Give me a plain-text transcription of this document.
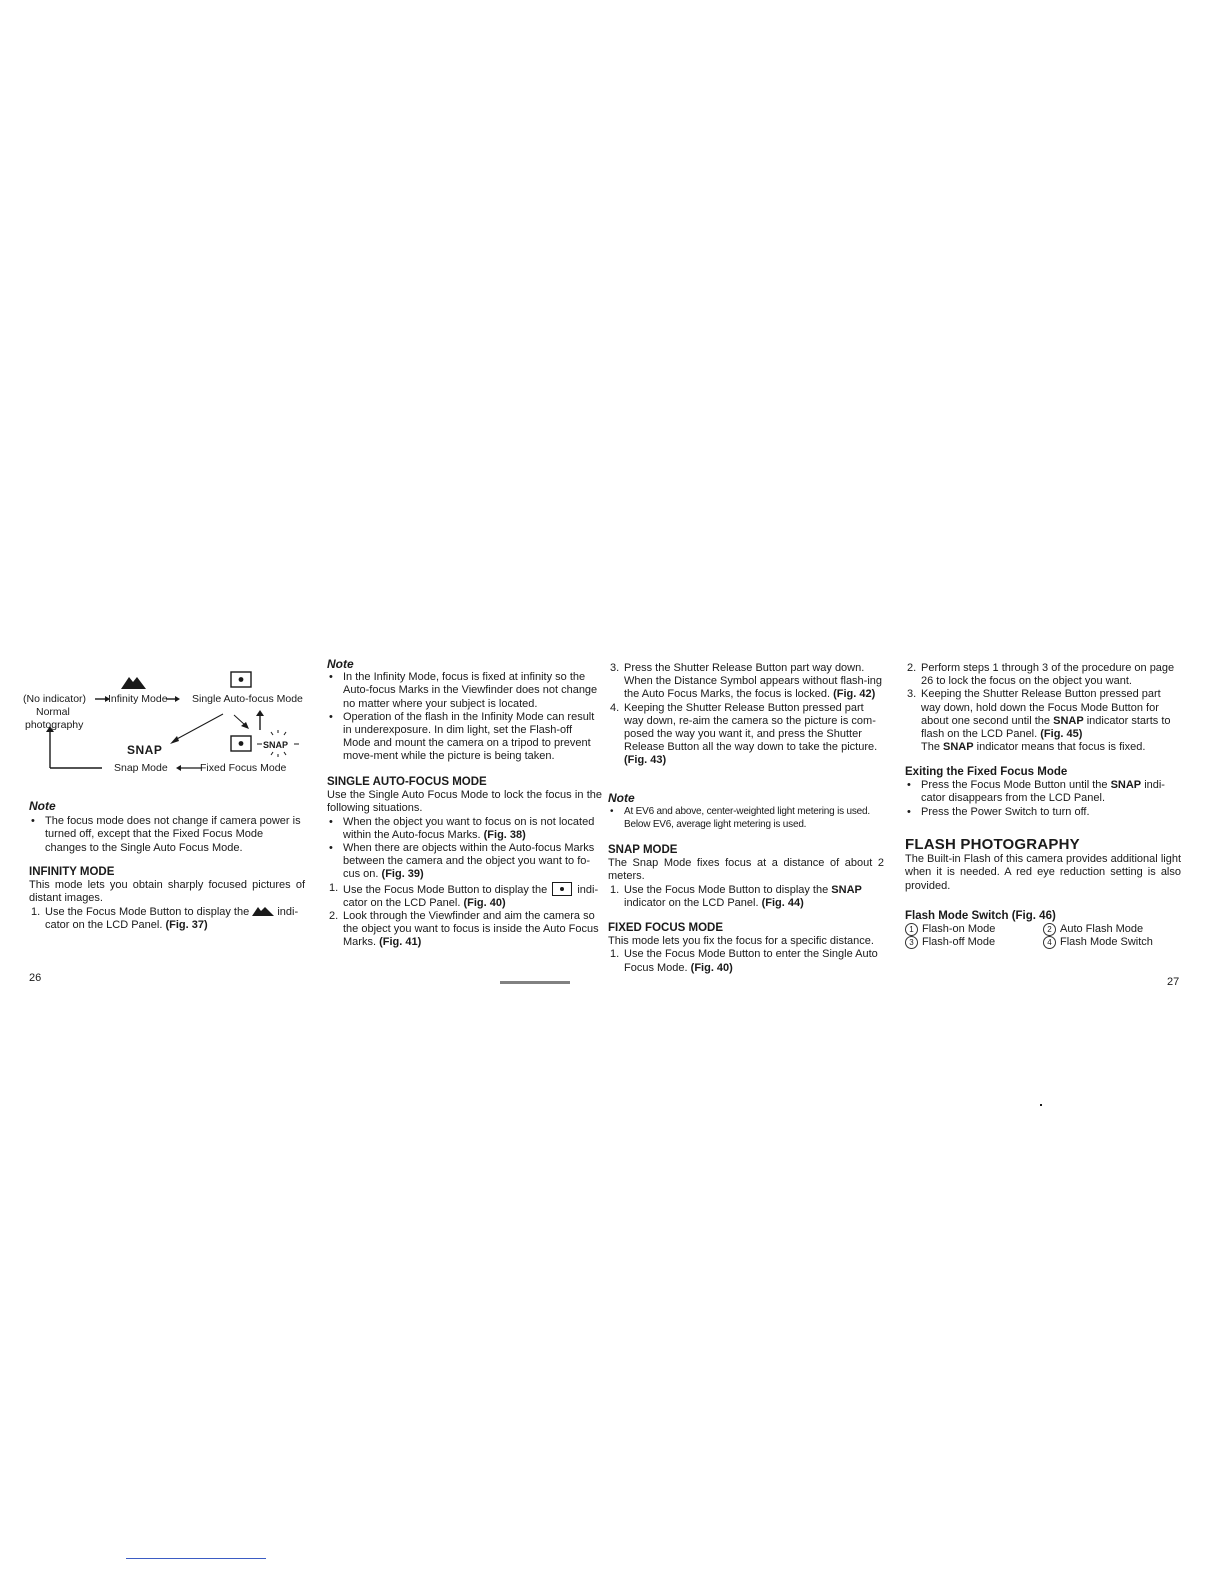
(No indicator) Infinity Mode Single Auto-focus Mode
Normal
photography
SNAP	SNAP
Snap Mode	Fixed Focus Mode
Note
• The focus mode does not change if camera power is turned off, except that the Fixed Focus Mode changes to the Single Auto Focus Mode.
INFINITY MODE

This mode lets you obtain sharply focused pictures of distant images.

1. Use the Focus Mode Button to display the	indi-cator on the LCD Panel. (Fig. 37)
26
Note
• In the Infinity Mode, focus is fixed at infinity so the Auto-focus Marks in the Viewfinder does not change no matter where your subject is located.
• Operation of the flash in the Infinity Mode can result in underexposure. In dim light, set the Flash-off Mode and mount the camera on a tripod to prevent move-ment while the picture is being taken.
SINGLE AUTO-FOCUS MODE

Use the Single Auto Focus Mode to lock the focus in the following situations.

• When the object you want to focus on is not located within the Auto-focus Marks. (Fig. 38)
• When there are objects within the Auto-focus Marks between the camera and the object you want to fo-cus on. (Fig. 39)
1. Use the Focus Mode Button to display the	indi-cator on the LCD Panel. (Fig. 40)
2. Look through the Viewfinder and aim the camera so the object you want to focus is inside the Auto Focus Marks. (Fig. 41)
3. Press the Shutter Release Button part way down. When the Distance Symbol appears without flash-ing the Auto Focus Marks, the focus is locked. (Fig. 42)
4. Keeping the Shutter Release Button pressed part way down, re-aim the camera so the picture is com-posed the way you want it, and press the Shutter Release Button all the way down to take the picture. (Fig. 43)
Note
• At EV6 and above, center-weighted light metering is used. Below EV6, average light metering is used.
SNAP MODE

The Snap Mode fixes focus at a distance of about 2 meters.

1. Use the Focus Mode Button to display the SNAP indicator on the LCD Panel. (Fig. 44)
FIXED FOCUS MODE

This mode lets you fix the focus for a specific distance.

1. Use the Focus Mode Button to enter the Single Auto Focus Mode. (Fig. 40)
2. Perform steps 1 through 3 of the procedure on page 26 to lock the focus on the object you want.
3. Keeping the Shutter Release Button pressed part way down, hold down the Focus Mode Button for about one second until the SNAP indicator starts to flash on the LCD Panel. (Fig. 45)
The SNAP indicator means that focus is fixed.
Exiting the Fixed Focus Mode
• Press the Focus Mode Button until the SNAP indi-cator disappears from the LCD Panel.
• Press the Power Switch to turn off.
FLASH PHOTOGRAPHY

The Built-in Flash of this camera provides additional light when it is needed. A red eye reduction setting is also provided.

Flash Mode Switch (Fig. 46)
1 Flash-on Mode	2 Auto Flash Mode
3 Flash-off Mode	4 Flash Mode Switch
27
